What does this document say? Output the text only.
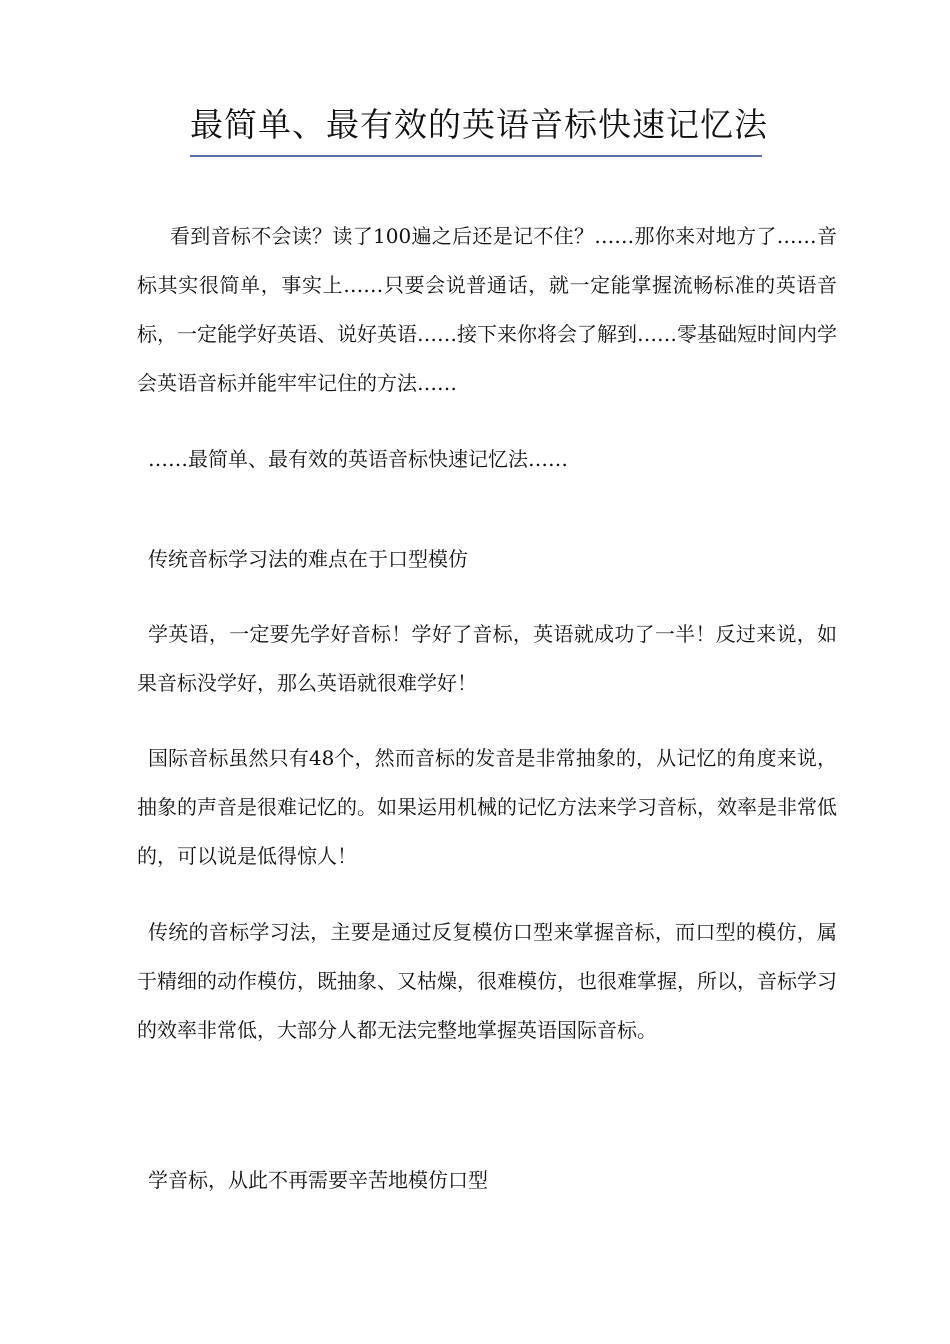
最简单、最有效的英语音标快速记忆法

看到音标不会读？读了100遍之后还是记不住？……那你来对地方了……音标其实很简单，事实上……只要会说普通话，就一定能掌握流畅标准的英语音标，一定能学好英语、说好英语……接下来你将会了解到……零基础短时间内学会英语音标并能牢牢记住的方法……

……最简单、最有效的英语音标快速记忆法……

传统音标学习法的难点在于口型模仿

学英语，一定要先学好音标！学好了音标，英语就成功了一半！反过来说，如果音标没学好，那么英语就很难学好！

国际音标虽然只有48个，然而音标的发音是非常抽象的，从记忆的角度来说，抽象的声音是很难记忆的。如果运用机械的记忆方法来学习音标，效率是非常低的，可以说是低得惊人！

传统的音标学习法，主要是通过反复模仿口型来掌握音标，而口型的模仿，属于精细的动作模仿，既抽象、又枯燥，很难模仿，也很难掌握，所以，音标学习的效率非常低，大部分人都无法完整地掌握英语国际音标。

学音标，从此不再需要辛苦地模仿口型
